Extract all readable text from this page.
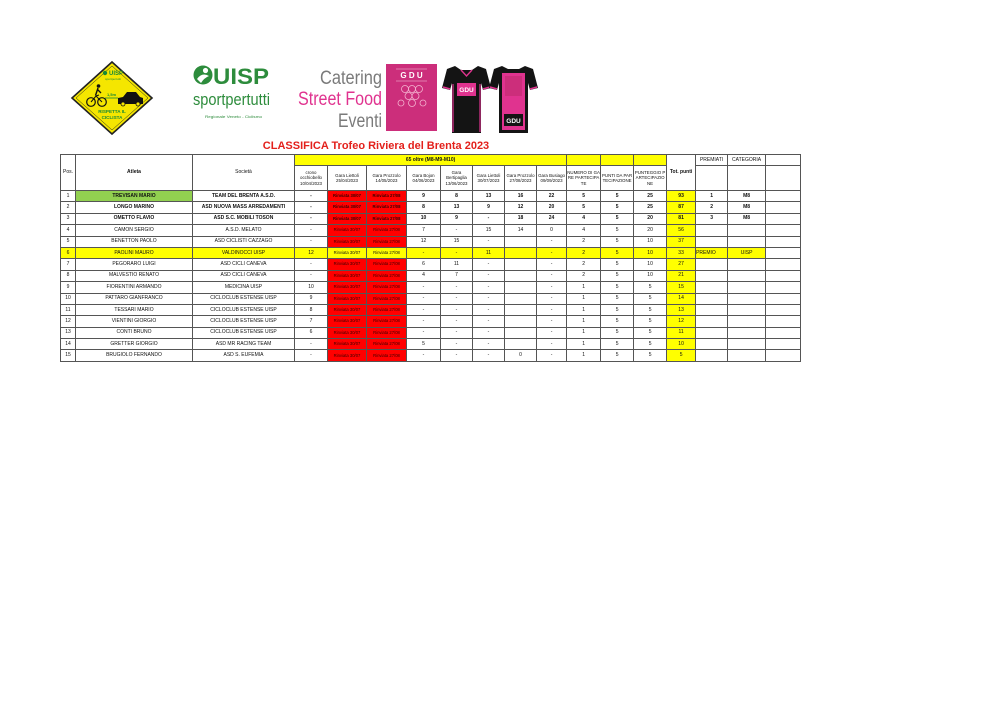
UISP
sportpertutti
1,5m
RISPETTA IL
CICLISTA
UISP
sportpertutti
Regionale Veneto - Ciclismo
Catering
Street Food
Eventi
G D U
GDU
GDU
CLASSIFICA Trofeo Riviera del Brenta 2023
Pos.	Atleta	Società	65 oltre (M8-M9-M10)											Tot. punti	PREMIATI	CATEGORIA	
			crono occhiobello 10/04/2023	Gara Liettoli 25/04/2023	Gara Prozzolo 14/05/2023	Gara Bojon 04/06/2023	Gara Bertipaglia 13/06/2023	Gara Liettoli 30/07/2023	Gara Prozzolo 27/08/2023	Gara Busiago 09/09/2023	NUMERO DI GARE PARTECIPATE	PUNTI DA PARTECIPAZIONE	PUNTEGGIO PARTECIPAZIONE				
1	TREVISAN MARIO	TEAM DEL BRENTA A.S.D.	-	Rinviata 30/07	Rinviata 27/08	9	8	13	16	22	5	5	25	93	1	M8	
2	LONGO MARINO	ASD NUOVA MASS ARREDAMENTI	-	Rinviata 30/07	Rinviata 27/08	8	13	9	12	20	5	5	25	87	2	M8	
3	OMETTO FLAVIO	ASD S.C. MOBILI TOSON	-	Rinviata 30/07	Rinviata 27/08	10	9	-	18	24	4	5	20	81	3	M8	
4	CAMON SERGIO	A.S.D. MELATO	-	Rinviata 30/07	Rinviata 27/08	7	-	15	14	0	4	5	20	56			
5	BENETTON PAOLO	ASD CICLISTI CAZZAGO	-	Rinviata 30/07	Rinviata 27/08	12	15	-		-	2	5	10	37			
6	PAOLINI MAURO	VALDINOCCI UISP	12	Rinviata 30/07	Rinviata 27/08	-	-	11		-	2	5	10	33	PREMIO	UISP	
7	PEGORARO LUIGI	ASD CICLI CANEVA	-	Rinviata 30/07	Rinviata 27/08	6	11	-		-	2	5	10	27			
8	MALVESTIO RENATO	ASD CICLI CANEVA	-	Rinviata 30/07	Rinviata 27/08	4	7	-		-	2	5	10	21			
9	FIORENTINI ARMANDO	MEDICINA UISP	10	Rinviata 30/07	Rinviata 27/08	-	-	-		-	1	5	5	15			
10	PATTARO GIANFRANCO	CICLOCLUB ESTENSE UISP	9	Rinviata 30/07	Rinviata 27/08	-	-	-		-	1	5	5	14			
11	TESSARI MARIO	CICLOCLUB ESTENSE UISP	8	Rinviata 30/07	Rinviata 27/08	-	-	-		-	1	5	5	13			
12	VIENTINI GIORGIO	CICLOCLUB ESTENSE UISP	7	Rinviata 30/07	Rinviata 27/08	-	-	-		-	1	5	5	12			
13	CONTI BRUNO	CICLOCLUB ESTENSE UISP	6	Rinviata 30/07	Rinviata 27/08	-	-	-		-	1	5	5	11			
14	GRETTER GIORGIO	ASD MR RACING TEAM	-	Rinviata 30/07	Rinviata 27/08	5	-	-		-	1	5	5	10			
15	BRUGIOLO FERNANDO	ASD S. EUFEMIA	-	Rinviata 30/07	Rinviata 27/08	-	-	-	0	-	1	5	5	5			
